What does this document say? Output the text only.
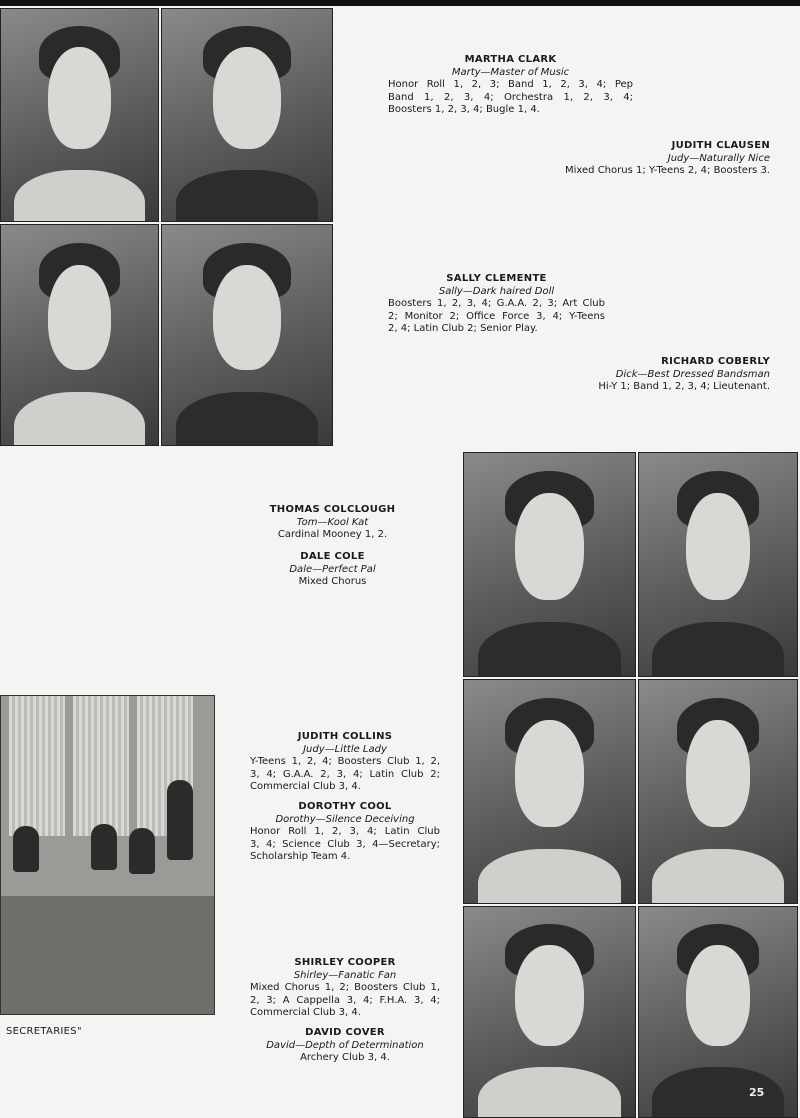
MARTHA CLARK
Marty—Master of Music
Honor Roll 1, 2, 3; Band 1, 2, 3, 4; Pep
Band 1, 2, 3, 4; Orchestra 1, 2, 3, 4;
Boosters 1, 2, 3, 4; Bugle 1, 4.
JUDITH CLAUSEN
Judy—Naturally Nice
Mixed Chorus 1; Y-Teens 2, 4; Boosters 3.
SALLY CLEMENTE
Sally—Dark haired Doll
Boosters 1, 2, 3, 4; G.A.A. 2, 3; Art Club
2; Monitor 2; Office Force 3, 4; Y-Teens
2, 4; Latin Club 2; Senior Play.
RICHARD COBERLY
Dick—Best Dressed Bandsman
Hi-Y 1; Band 1, 2, 3, 4; Lieutenant.
THOMAS COLCLOUGH
Tom—Kool Kat
Cardinal Mooney 1, 2.
DALE COLE
Dale—Perfect Pal
Mixed Chorus
JUDITH COLLINS
Judy—Little Lady
Y-Teens 1, 2, 4; Boosters Club 1, 2,
3, 4; G.A.A. 2, 3, 4; Latin Club 2;
Commercial Club 3, 4.
DOROTHY COOL
Dorothy—Silence Deceiving
Honor Roll 1, 2, 3, 4; Latin Club
3, 4; Science Club 3, 4—Secretary;
Scholarship Team 4.
SHIRLEY COOPER
Shirley—Fanatic Fan
Mixed Chorus 1, 2; Boosters Club 1,
2, 3; A Cappella 3, 4; F.H.A. 3, 4;
Commercial Club 3, 4.
DAVID COVER
David—Depth of Determination
Archery Club 3, 4.
SECRETARIES"
25
